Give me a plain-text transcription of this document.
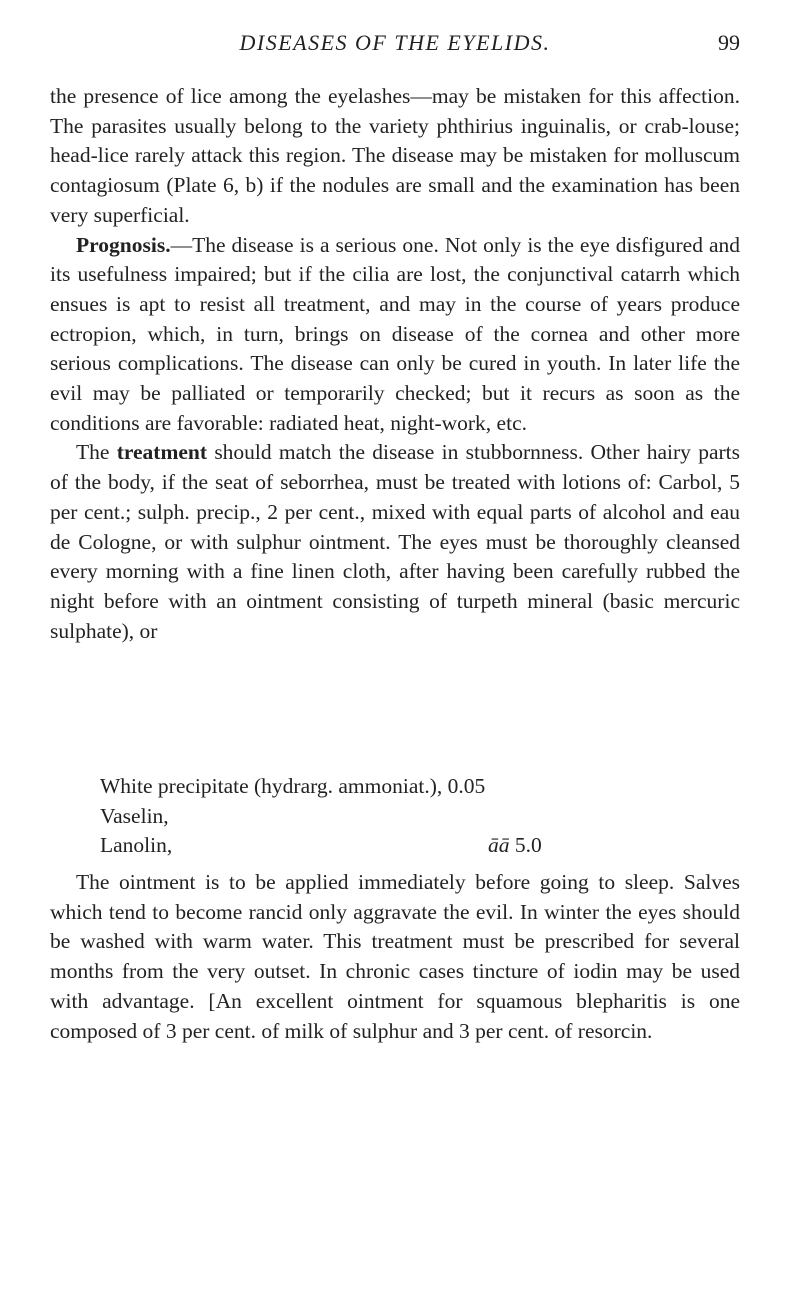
DISEASES OF THE EYELIDS.	99

the presence of lice among the eyelashes—may be mistaken for this affection. The parasites usually belong to the variety phthirius inguinalis, or crab-louse; head-lice rarely attack this region. The disease may be mistaken for molluscum contagiosum (Plate 6, b) if the nodules are small and the examination has been very superficial.

Prognosis.—The disease is a serious one. Not only is the eye disfigured and its usefulness impaired; but if the cilia are lost, the conjunctival catarrh which ensues is apt to resist all treatment, and may in the course of years produce ectropion, which, in turn, brings on disease of the cornea and other more serious complications. The disease can only be cured in youth. In later life the evil may be palliated or temporarily checked; but it recurs as soon as the conditions are favorable: radiated heat, night-work, etc.

The treatment should match the disease in stubbornness. Other hairy parts of the body, if the seat of seborrhea, must be treated with lotions of: Carbol, 5 per cent.; sulph. precip., 2 per cent., mixed with equal parts of alcohol and eau de Cologne, or with sulphur ointment. The eyes must be thoroughly cleansed every morning with a fine linen cloth, after having been carefully rubbed the night before with an ointment consisting of turpeth mineral (basic mercuric sulphate), or

White precipitate (hydrarg. ammoniat.), 0.05
Vaselin,
Lanolin,	āā 5.0

The ointment is to be applied immediately before going to sleep. Salves which tend to become rancid only aggravate the evil. In winter the eyes should be washed with warm water. This treatment must be prescribed for several months from the very outset. In chronic cases tincture of iodin may be used with advantage. [An excellent ointment for squamous blepharitis is one composed of 3 per cent. of milk of sulphur and 3 per cent. of resorcin.
